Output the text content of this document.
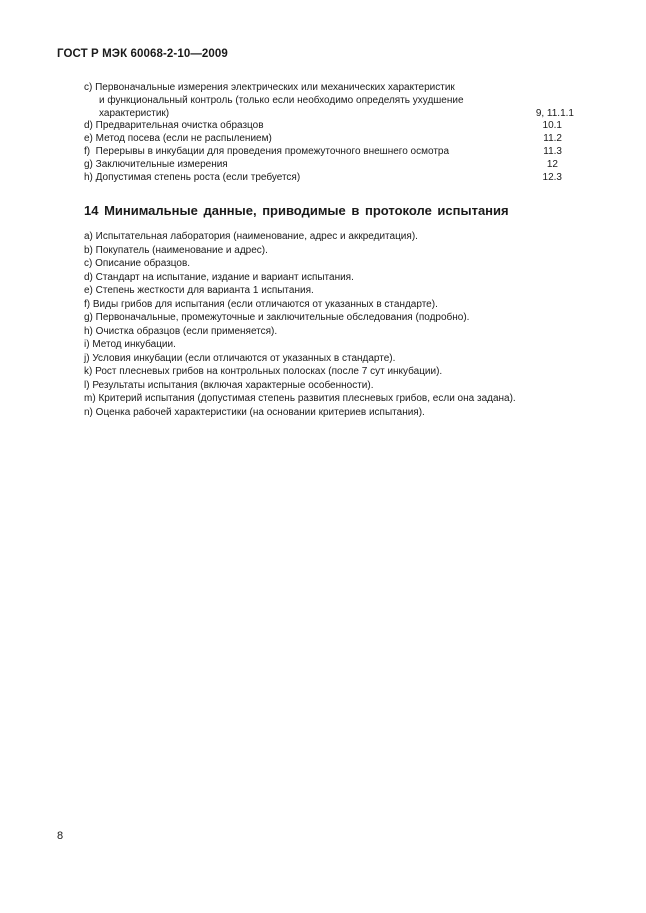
ГОСТ Р МЭК 60068-2-10—2009
с) Первоначальные измерения электрических или механических характеристик
и функциональный контроль (только если необходимо определять ухудшение
характеристик)	9, 11.1.1
d) Предварительная очистка образцов	10.1
е) Метод посева (если не распылением)	11.2
f)  Перерывы в инкубации для проведения промежуточного внешнего осмотра	11.3
g) Заключительные измерения	12
h) Допустимая степень роста (если требуется)	12.3
14 Минимальные данные, приводимые в протоколе испытания
а) Испытательная лаборатория (наименование, адрес и аккредитация).
b) Покупатель (наименование и адрес).
с) Описание образцов.
d) Стандарт на испытание, издание и вариант испытания.
е) Степень жесткости для варианта 1 испытания.
f) Виды грибов для испытания (если отличаются от указанных в стандарте).
g) Первоначальные, промежуточные и заключительные обследования (подробно).
h) Очистка образцов (если применяется).
i) Метод инкубации.
j) Условия инкубации (если отличаются от указанных в стандарте).
k) Рост плесневых грибов на контрольных полосках (после 7 сут инкубации).
l) Результаты испытания (включая характерные особенности).
m) Критерий испытания (допустимая степень развития плесневых грибов, если она задана).
n) Оценка рабочей характеристики (на основании критериев испытания).
8
